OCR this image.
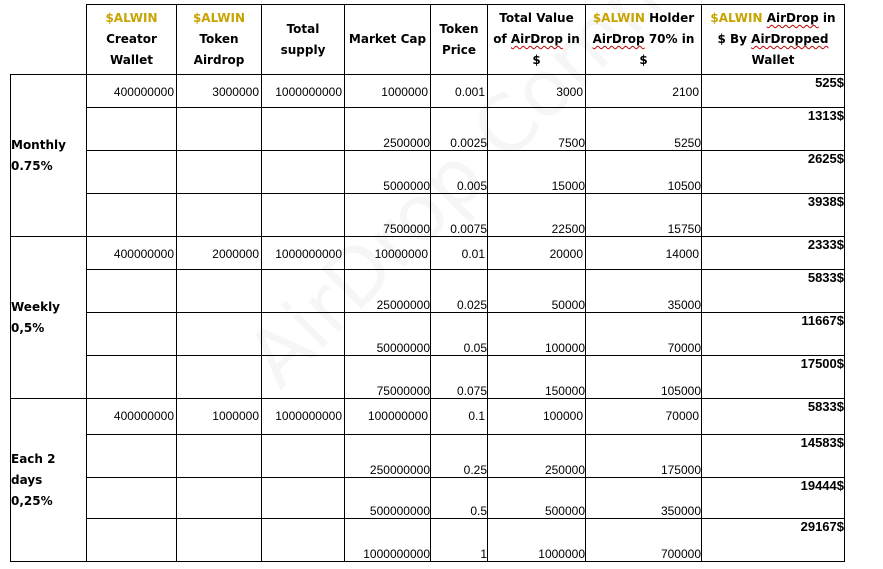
	$ALWIN
Creator
Wallet	$ALWIN
Token
Airdrop	Total
supply	Market Cap	Token
Price	Total Value
of AirDrop in
$	$ALWIN Holder
AirDrop 70% in
$	$ALWIN AirDrop in
$ By AirDropped
Wallet
Monthly
0.75%	400000000	3000000	1000000000	1000000	0.001	3000	2100	525$
				2500000	0.0025	7500	5250	1313$
				5000000	0.005	15000	10500	2625$
				7500000	0.0075	22500	15750	3938$
Weekly
0,5%	400000000	2000000	1000000000	10000000	0.01	20000	14000	2333$
				25000000	0.025	50000	35000	5833$
				50000000	0.05	100000	70000	11667$
				75000000	0.075	150000	105000	17500$
Each 2
days
0,25%	400000000	1000000	1000000000	100000000	0.1	100000	70000	5833$
				250000000	0.25	250000	175000	14583$
				500000000	0.5	500000	350000	19444$
				1000000000	1	1000000	700000	29167$
